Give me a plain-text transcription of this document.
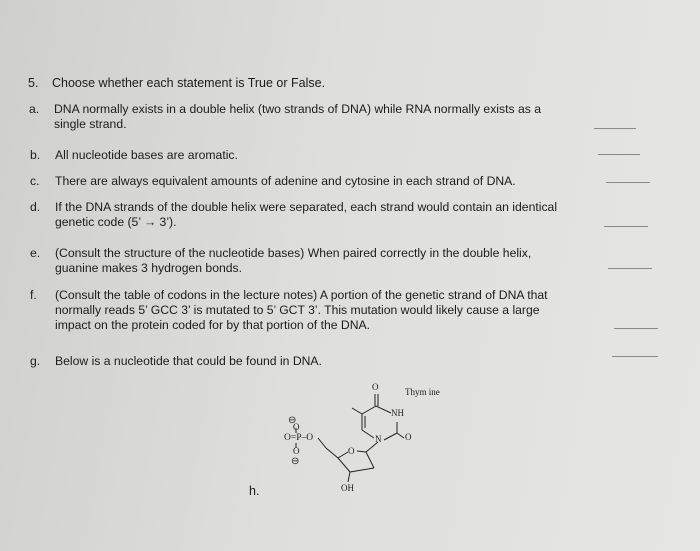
5. Choose whether each statement is True or False.
a. DNA normally exists in a double helix (two strands of DNA) while RNA normally exists as a
single strand.
b. All nucleotide bases are aromatic.
c. There are always equivalent amounts of adenine and cytosine in each strand of DNA.
d. If the DNA strands of the double helix were separated, each strand would contain an identical
genetic code (5’ → 3’).
e. (Consult the structure of the nucleotide bases) When paired correctly in the double helix,
guanine makes 3 hydrogen bonds.
f. (Consult the table of codons in the lecture notes) A portion of the genetic strand of DNA that
normally reads 5’ GCC 3’ is mutated to 5’ GCT 3’. This mutation would likely cause a large
impact on the protein coded for by that portion of the DNA.
g. Below is a nucleotide that could be found in DNA.
O	Thym ine
NH
N	O
O
OH
O=P–O
⊖
O
O
⊖
h.
